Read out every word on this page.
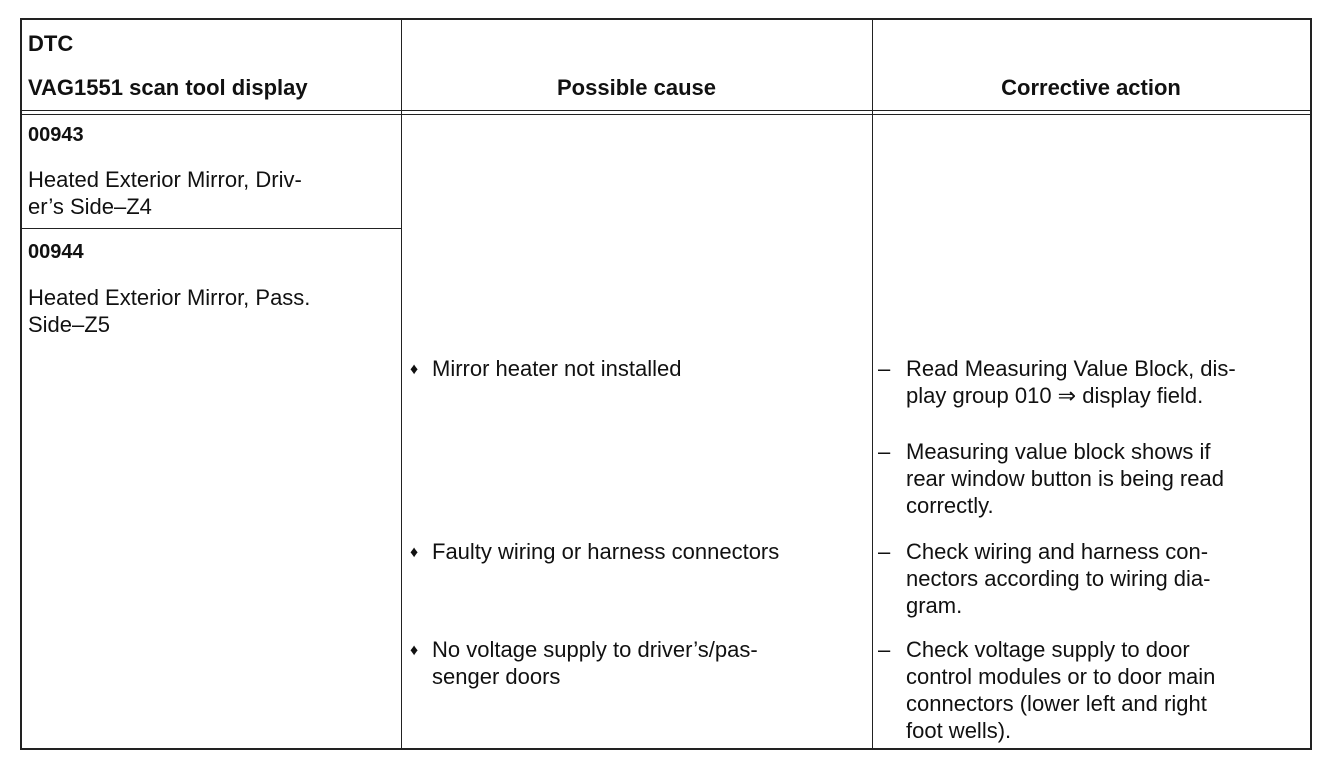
DTC
VAG1551 scan tool display	Possible cause	Corrective action
00943
Heated Exterior Mirror, Driv-
er’s Side–Z4
00944
Heated Exterior Mirror, Pass.
Side–Z5
♦ Mirror heater not installed
♦ Faulty wiring or harness connectors
♦ No voltage supply to driver’s/pas-
senger doors
– Read Measuring Value Block, dis-
play group 010 ⇒ display field.
– Measuring value block shows if
rear window button is being read
correctly.
– Check wiring and harness con-
nectors according to wiring dia-
gram.
– Check voltage supply to door
control modules or to door main
connectors (lower left and right
foot wells).
